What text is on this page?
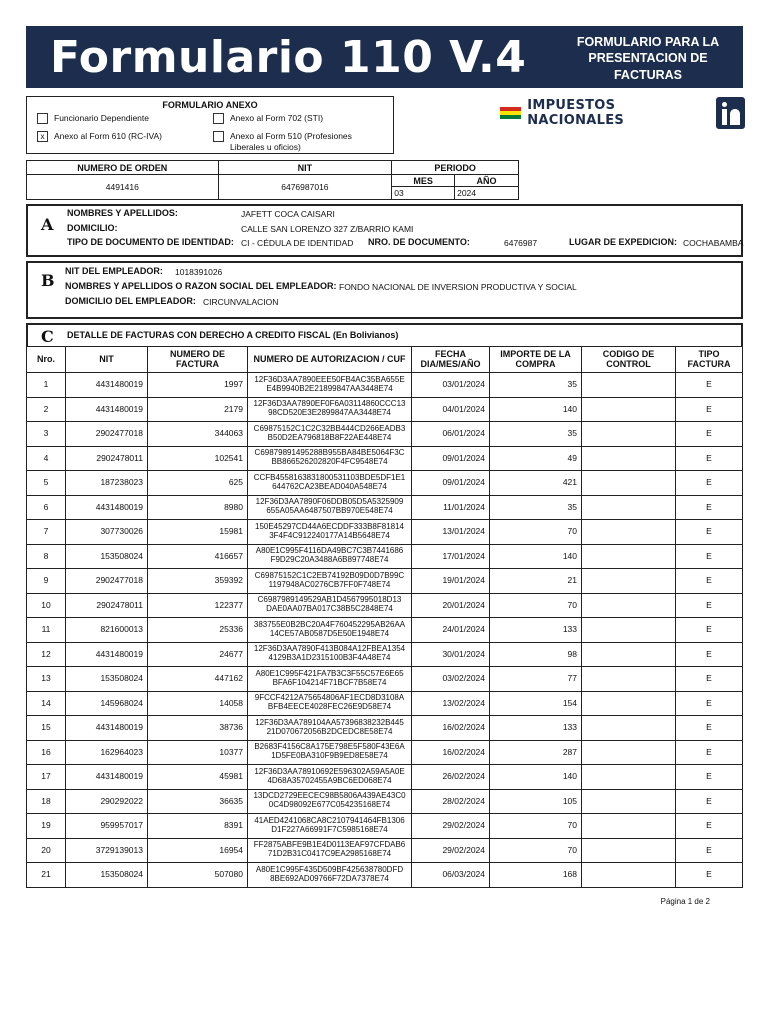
Formulario 110 V.4	FORMULARIO PARA LA PRESENTACION DE FACTURAS
FORMULARIO ANEXO
Funcionario Dependiente	Anexo al Form 702 (STI)
x	Anexo al Form 610 (RC-IVA)	Anexo al Form 510 (Profesiones Liberales u oficios)
IMPUESTOS NACIONALES
NUMERO DE ORDEN	NIT	PERIODO	
4491416	6476987016	MES	AÑO
		03	2024
A
NOMBRES Y APELLIDOS:	JAFETT COCA CAISARI
DOMICILIO:	CALLE SAN LORENZO 327 Z/BARRIO KAMI
TIPO DE DOCUMENTO DE IDENTIDAD: CI - CÉDULA DE IDENTIDAD NRO. DE DOCUMENTO:	6476987	LUGAR DE EXPEDICION: COCHABAMBA
B NIT DEL EMPLEADOR: 1018391026
NOMBRES Y APELLIDOS O RAZON SOCIAL DEL EMPLEADOR: FONDO NACIONAL DE INVERSION PRODUCTIVA Y SOCIAL
DOMICILIO DEL EMPLEADOR: CIRCUNVALACION
C DETALLE DE FACTURAS CON DERECHO A CREDITO FISCAL (En Bolivianos)
Nro.	NIT	NUMERO DE FACTURA	NUMERO DE AUTORIZACION / CUF	FECHA DIA/MES/AÑO	IMPORTE DE LA COMPRA	CODIGO DE CONTROL	TIPO FACTURA
1	4431480019	1997	12F36D3AA7890EEE50FB4AC35BA655E
E4B9940B2E21899847AA3448E74	03/01/2024	35		E
2	4431480019	2179	12F36D3AA7890EF0F6A03114860CCC13
98CD520E3E2899847AA3448E74	04/01/2024	140		E
3	2902477018	344063	C69875152C1C2C32BB444CD266EADB3
B50D2EA796818B8F22AE448E74	06/01/2024	35		E
4	2902478011	102541	C69879891495288B955BA84BE5064F3C
BB866526202820F4FC9548E74	09/01/2024	49		E
5	187238023	625	CCFB4558163831800531103BDE5DF1E1
644762CA23BEAD040A548E74	09/01/2024	421		E
6	4431480019	8980	12F36D3AA7890F06DDB05D5A5325909
655A05AA6487507BB970E548E74	11/01/2024	35		E
7	307730026	15981	150E45297CD44A6ECDDF333B8F81814
3F4F4C912240177A14B5648E74	13/01/2024	70		E
8	153508024	416657	A80E1C995F4116DA49BC7C3B7441686
F9D29C20A3488A6B897748E74	17/01/2024	140		E
9	2902477018	359392	C69875152C1C2EB74192B09D0D7B99C
1197948AC0276CB7FF0F748E74	19/01/2024	21		E
10	2902478011	122377	C6987989149529AB1D4567995018D13
DAE0AA07BA017C38B5C2848E74	20/01/2024	70		E
11	821600013	25336	383755E0B2BC20A4F760452295AB26AA
14CE57AB0587D5E50E1948E74	24/01/2024	133		E
12	4431480019	24677	12F36D3AA7890F413B084A12FBEA1354
4129B3A1D2315100B3F4A48E74	30/01/2024	98		E
13	153508024	447162	A80E1C995F421FA7B3C3F55C57E6E65
BFA6F104214F71BCF7B58E74	03/02/2024	77		E
14	145968024	14058	9FCCF4212A75654806AF1ECD8D3108A
BFB4EECE4028FEC26E9D58E74	13/02/2024	154		E
15	4431480019	38736	12F36D3AA789104AA57396838232B445
21D070672056B2DCEDC8E58E74	16/02/2024	133		E
16	162964023	10377	B2683F4156C8A175E798E5F580F43E6A
1D5FE0BA310F9B9ED8E58E74	16/02/2024	287		E
17	4431480019	45981	12F36D3AA78910692E596302A59A5A0E
4D68A35702455A9BC6ED068E74	26/02/2024	140		E
18	290292022	36635	13DCD2729EECEC98B5806A439AE43C0
0C4D98092E677C054235168E74	28/02/2024	105		E
19	959957017	8391	41AED4241068CA8C2107941464FB1306
D1F227A66991F7C5985168E74	29/02/2024	70		E
20	3729139013	16954	FF2875ABFE9B1E4D0113EAF97CFDAB6
71D2B31C0417C9EA2985168E74	29/02/2024	70		E
21	153508024	507080	A80E1C995F435D509BF425638780DFD
8BE692AD09766F72DA7378E74	06/03/2024	168		E
Página 1 de 2
